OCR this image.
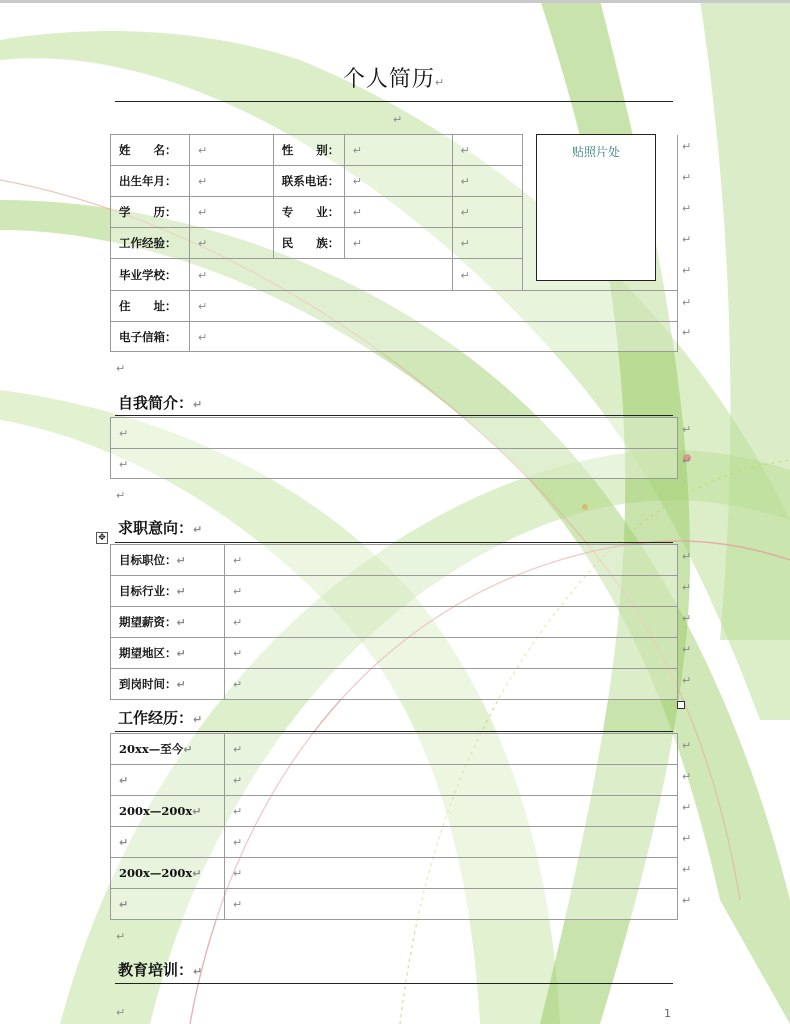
个人简历↵
↵
姓　　名：	↵	性　　别：	↵	↵	
出生年月：	↵	联系电话：	↵	↵	
学　　历：	↵	专　　业：	↵	↵	
工作经验：	↵	民　　族：	↵	↵	
毕业学校：	↵			↵	
住　　址：	↵				
电子信箱：	↵				
贴照片处	↵
↵
↵
↵
↵
↵
↵
↵
自我简介：↵
↵
↵
↵
↵
↵
求职意向：↵
✥
目标职位：↵	↵
目标行业：↵	↵
期望薪资：↵	↵
期望地区：↵	↵
到岗时间：↵	↵
工作经历：↵
20xx—至今↵	↵
↵	↵
200x—200x↵	↵
↵	↵
200x—200x↵	↵
↵	↵
↵
教育培训：↵
↵	1
↵
↵
↵
↵
↵
↵
↵
↵
↵
↵
↵
